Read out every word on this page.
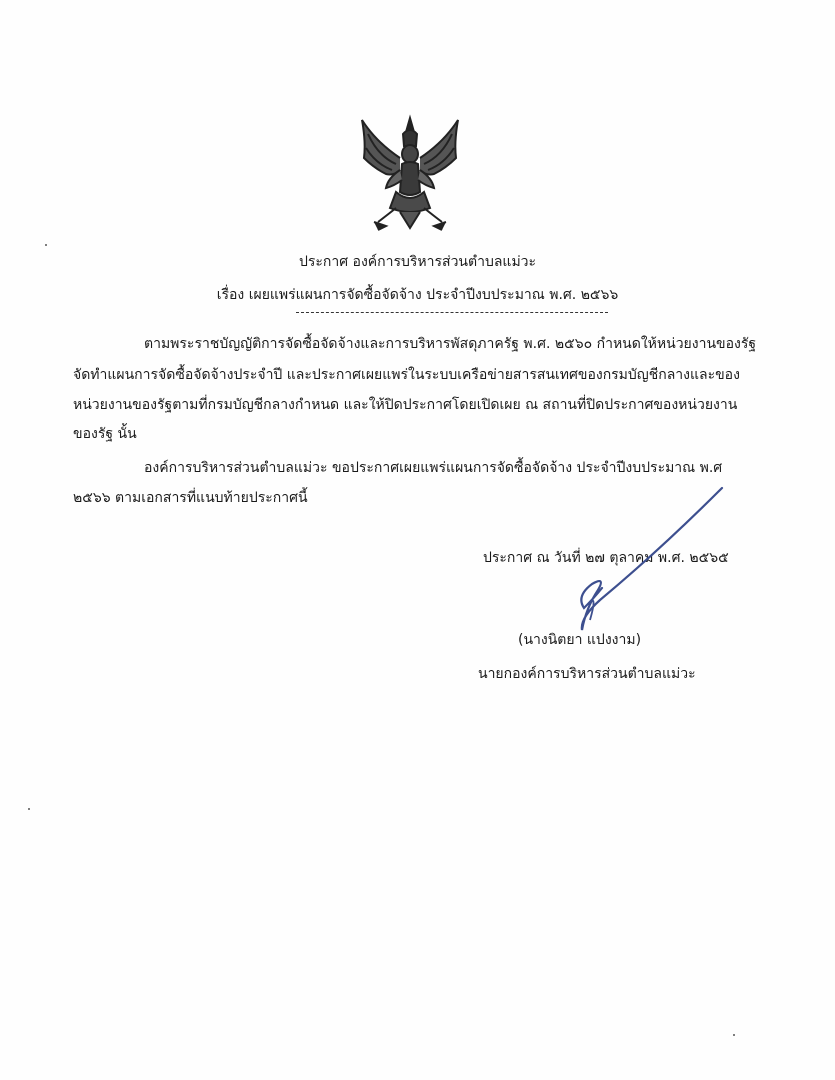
ประกาศ องค์การบริหารส่วนตำบลแม่วะ
เรื่อง เผยแพร่แผนการจัดซื้อจัดจ้าง ประจำปีงบประมาณ พ.ศ. ๒๕๖๖
ตามพระราชบัญญัติการจัดซื้อจัดจ้างและการบริหารพัสดุภาครัฐ พ.ศ. ๒๕๖๐ กำหนดให้หน่วยงานของรัฐ
จัดทำแผนการจัดซื้อจัดจ้างประจำปี และประกาศเผยแพร่ในระบบเครือข่ายสารสนเทศของกรมบัญชีกลางและของ
หน่วยงานของรัฐตามที่กรมบัญชีกลางกำหนด และให้ปิดประกาศโดยเปิดเผย ณ สถานที่ปิดประกาศของหน่วยงาน
ของรัฐ นั้น
องค์การบริหารส่วนตำบลแม่วะ ขอประกาศเผยแพร่แผนการจัดซื้อจัดจ้าง ประจำปีงบประมาณ พ.ศ
๒๕๖๖ ตามเอกสารที่แนบท้ายประกาศนี้
ประกาศ ณ วันที่ ๒๗ ตุลาคม พ.ศ. ๒๕๖๕
(นางนิตยา แปงงาม)
นายกองค์การบริหารส่วนตำบลแม่วะ
